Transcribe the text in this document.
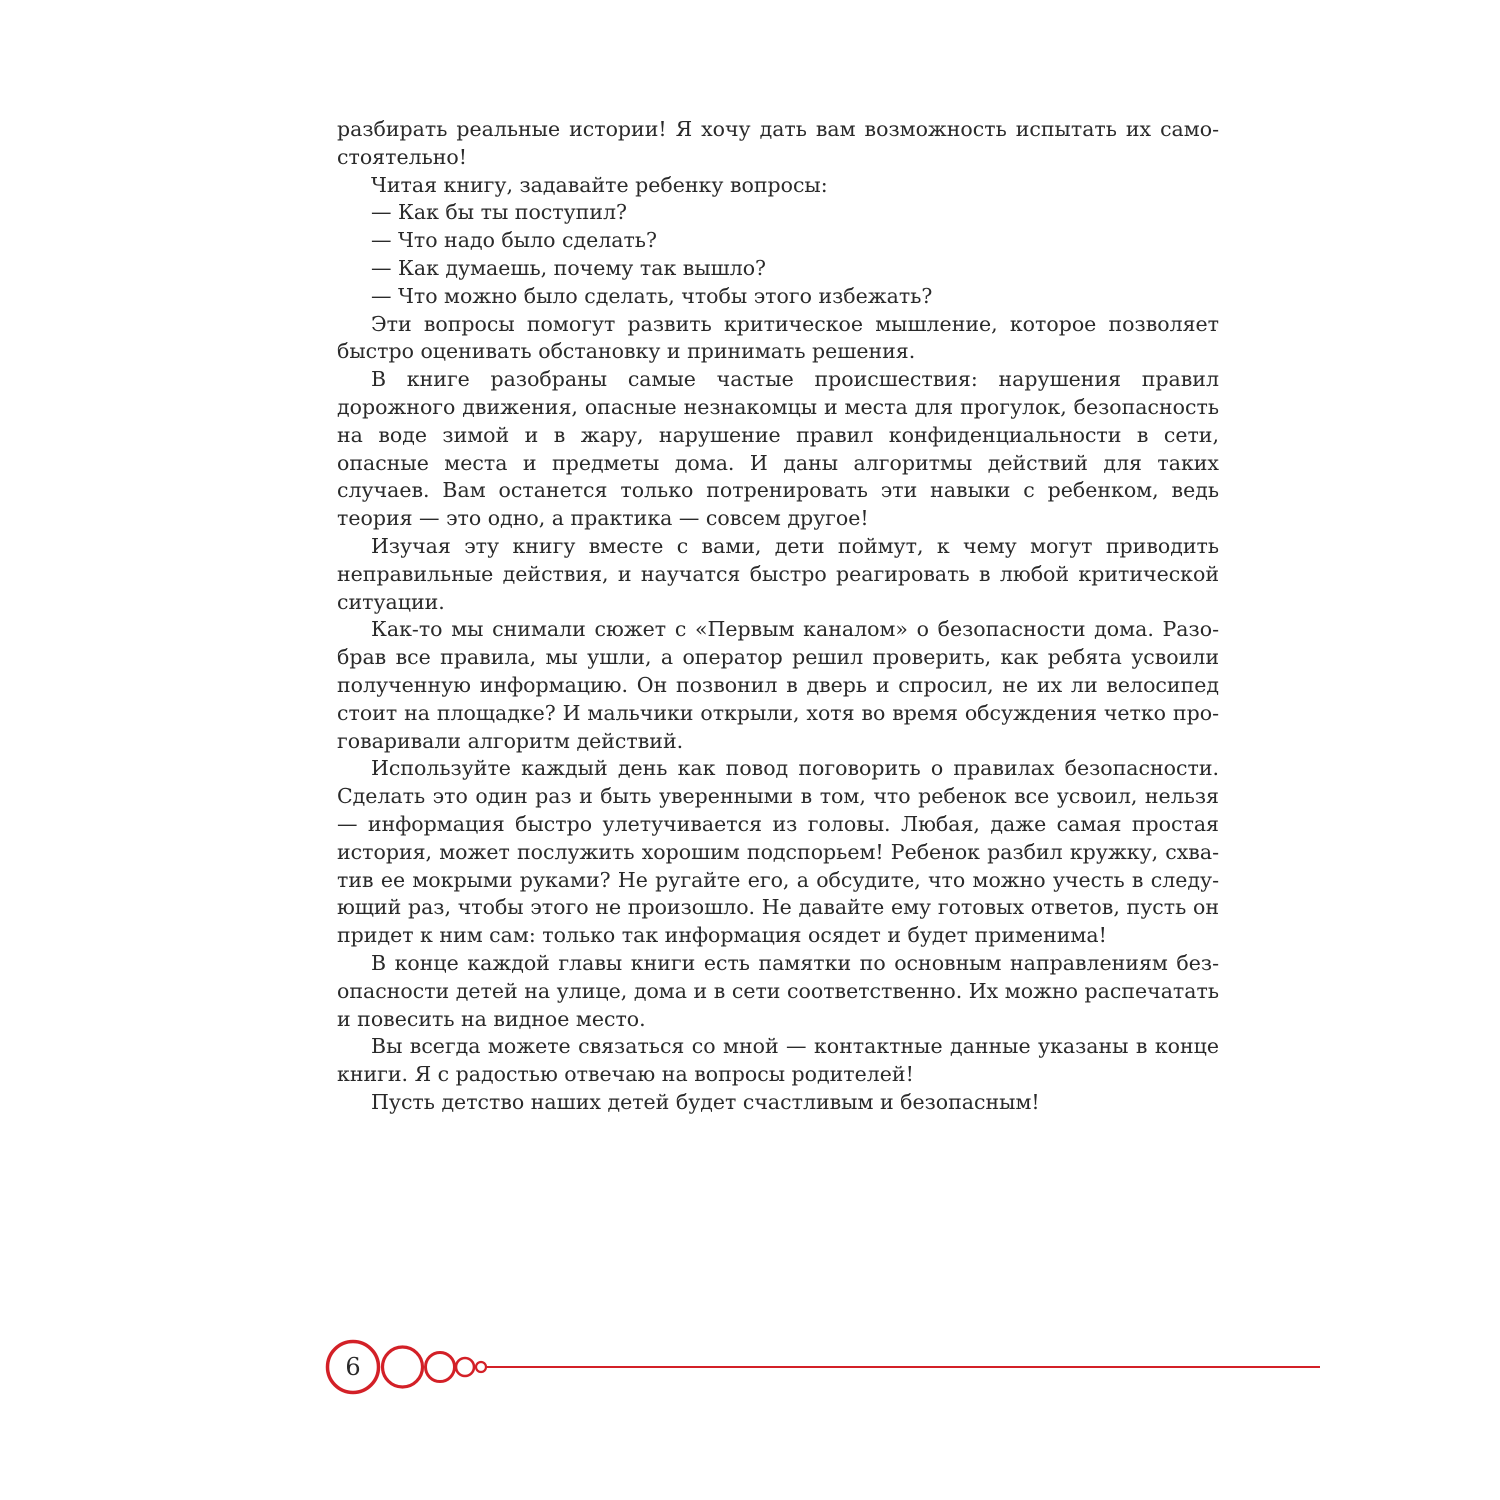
разбирать реальные истории! Я хочу дать вам возможность испытать их самостоятельно!

Читая книгу, задавайте ребенку вопросы:

— Как бы ты поступил?

— Что надо было сделать?

— Как думаешь, почему так вышло?

— Что можно было сделать, чтобы этого избежать?

Эти вопросы помогут развить критическое мышление, которое позволяет быстро оценивать обстановку и принимать решения.

В книге разобраны самые частые происшествия: нарушения правил дорожного движения, опасные незнакомцы и места для прогулок, безопасность на воде зимой и в жару, нарушение правил конфиденциальности в сети, опасные места и предметы дома. И даны алгоритмы действий для таких случаев. Вам останется только потренировать эти навыки с ребенком, ведь теория — это одно, а практика — совсем другое!

Изучая эту книгу вместе с вами, дети поймут, к чему могут приводить неправильные действия, и научатся быстро реагировать в любой критической ситуации.

Как-то мы снимали сюжет с «Первым каналом» о безопасности дома. Разобрав все правила, мы ушли, а оператор решил проверить, как ребята усвоили полученную информацию. Он позвонил в дверь и спросил, не их ли велосипед стоит на площадке? И мальчики открыли, хотя во время обсуждения четко проговаривали алгоритм действий.

Используйте каждый день как повод поговорить о правилах безопасности. Сделать это один раз и быть уверенными в том, что ребенок все усвоил, нельзя — информация быстро улетучивается из головы. Любая, даже самая простая история, может послужить хорошим подспорьем! Ребенок разбил кружку, схватив ее мокрыми руками? Не ругайте его, а обсудите, что можно учесть в следующий раз, чтобы этого не произошло. Не давайте ему готовых ответов, пусть он придет к ним сам: только так информация осядет и будет применима!

В конце каждой главы книги есть памятки по основным направлениям безопасности детей на улице, дома и в сети соответственно. Их можно распечатать и повесить на видное место.

Вы всегда можете связаться со мной — контактные данные указаны в конце книги. Я с радостью отвечаю на вопросы родителей!

Пусть детство наших детей будет счастливым и безопасным!

6
